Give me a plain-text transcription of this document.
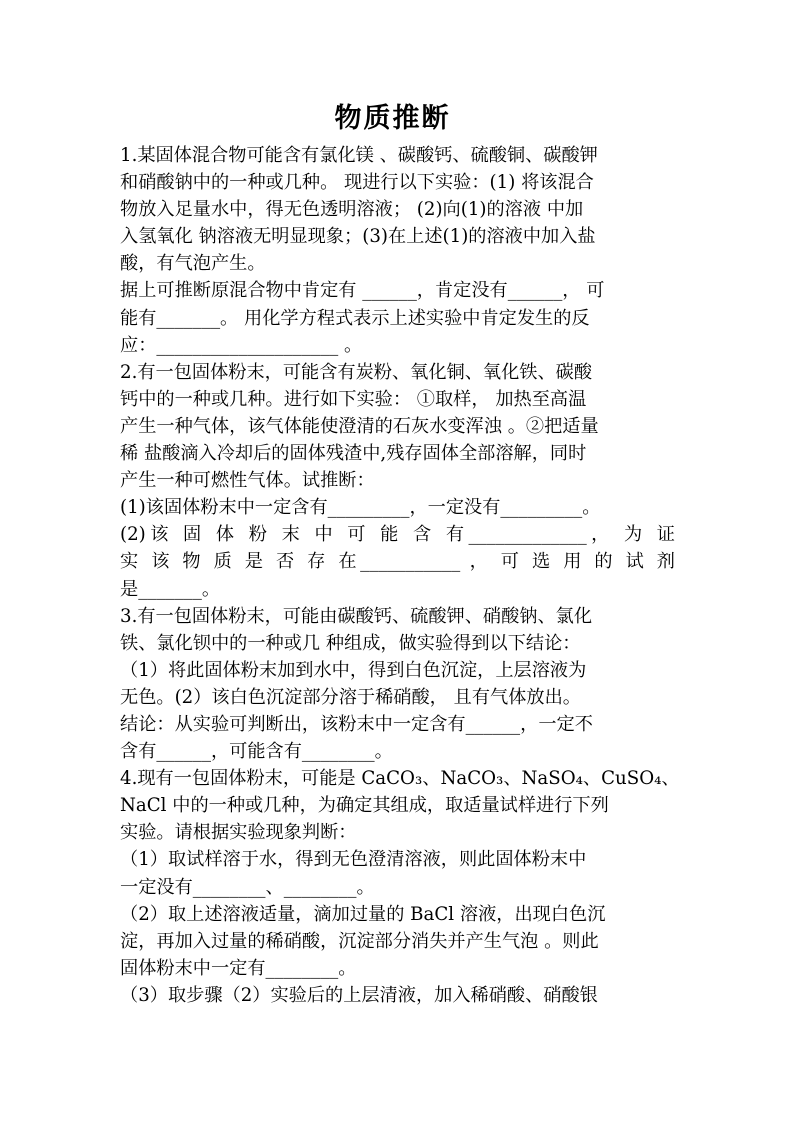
物质推断
1.某固体混合物可能含有氯化镁 、碳酸钙、硫酸铜、碳酸钾
和硝酸钠中的一种或几种。 现进行以下实验：(1) 将该混合
物放入足量水中，得无色透明溶液； (2)向(1)的溶液 中加
入氢氧化 钠溶液无明显现象；(3)在上述(1)的溶液中加入盐
酸，有气泡产生。
据上可推断原混合物中肯定有 ______，肯定没有______， 可
能有_______。 用化学方程式表示上述实验中肯定发生的反
应：____________________ 。
2.有一包固体粉末，可能含有炭粉、氧化铜、氧化铁、碳酸
钙中的一种或几种。进行如下实验： ①取样， 加热至高温
产生一种气体，该气体能使澄清的石灰水变浑浊 。②把适量
稀 盐酸滴入冷却后的固体残渣中,残存固体全部溶解，同时
产生一种可燃性气体。试推断：
(1)该固体粉末中一定含有_________，一定没有_________。
(2)该 固 体 粉 末 中 可 能 含 有_____________， 为 证
实 该 物 质 是 否 存 在___________ ， 可 选 用 的 试 剂
是_______。
3.有一包固体粉末，可能由碳酸钙、硫酸钾、硝酸钠、氯化
铁、氯化钡中的一种或几 种组成，做实验得到以下结论：
（1）将此固体粉末加到水中，得到白色沉淀，上层溶液为
无色。(2）该白色沉淀部分溶于稀硝酸， 且有气体放出。
结论：从实验可判断出，该粉末中一定含有______，一定不
含有______，可能含有________。
4.现有一包固体粉末，可能是 CaCO₃、NaCO₃、NaSO₄、CuSO₄、
NaCl 中的一种或几种，为确定其组成，取适量试样进行下列
实验。请根据实验现象判断：
（1）取试样溶于水，得到无色澄清溶液，则此固体粉末中
一定没有________、________。
（2）取上述溶液适量，滴加过量的 BaCl 溶液，出现白色沉
淀，再加入过量的稀硝酸，沉淀部分消失并产生气泡 。则此
固体粉末中一定有________。
（3）取步骤（2）实验后的上层清液，加入稀硝酸、硝酸银
